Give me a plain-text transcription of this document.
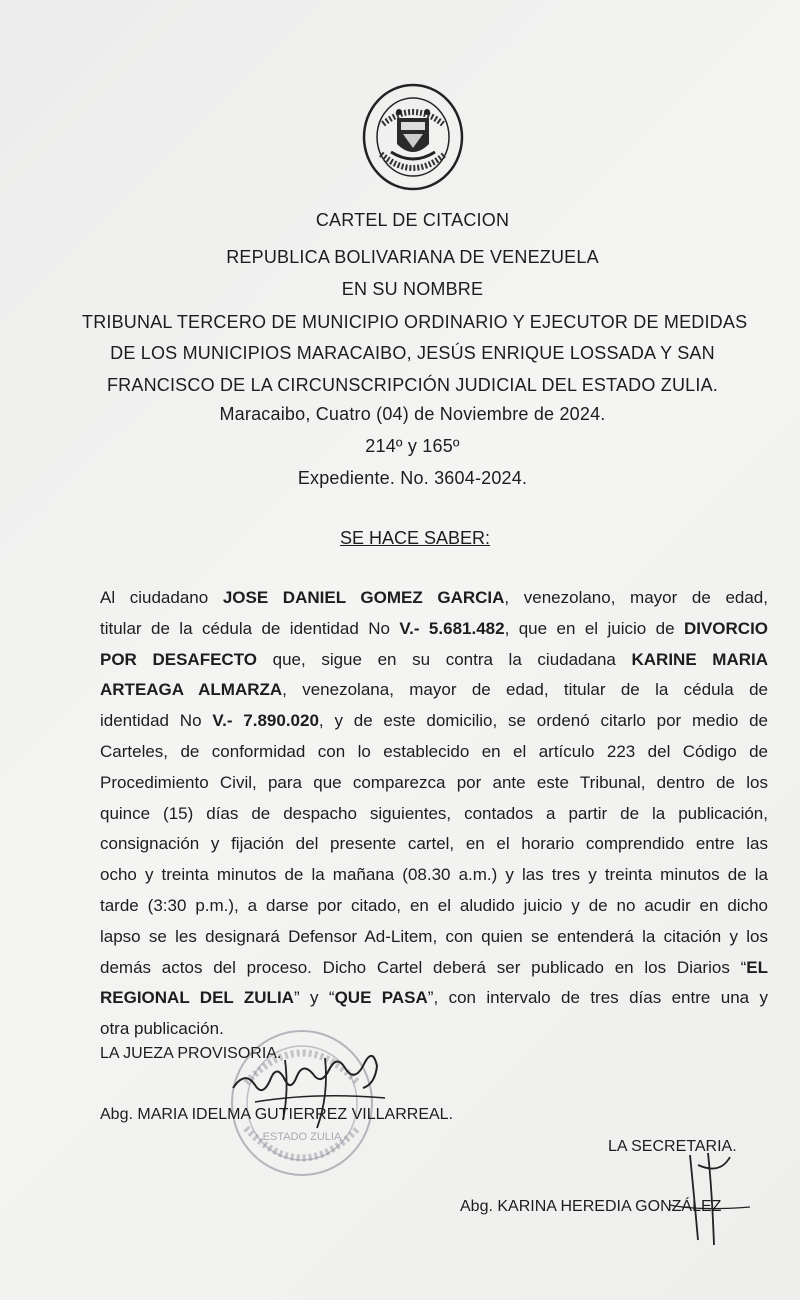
CARTEL DE CITACION
REPUBLICA BOLIVARIANA DE VENEZUELA
EN SU NOMBRE
TRIBUNAL TERCERO DE MUNICIPIO ORDINARIO Y EJECUTOR DE MEDIDAS
DE LOS MUNICIPIOS MARACAIBO, JESÚS ENRIQUE LOSSADA Y SAN
FRANCISCO DE LA CIRCUNSCRIPCIÓN JUDICIAL DEL ESTADO ZULIA.
Maracaibo, Cuatro (04) de Noviembre de 2024.
214º y 165º
Expediente. No. 3604-2024.
SE HACE SABER:
Al ciudadano JOSE DANIEL GOMEZ GARCIA, venezolano, mayor de edad,
titular de la cédula de identidad No V.- 5.681.482, que en el juicio de DIVORCIO
POR DESAFECTO que, sigue en su contra la ciudadana KARINE MARIA
ARTEAGA ALMARZA, venezolana, mayor de edad, titular de la cédula de
identidad No V.- 7.890.020, y de este domicilio, se ordenó citarlo por medio de
Carteles, de conformidad con lo establecido en el artículo 223 del Código de
Procedimiento Civil, para que comparezca por ante este Tribunal, dentro de los
quince (15) días de despacho siguientes, contados a partir de la publicación,
consignación y fijación del presente cartel, en el horario comprendido entre las
ocho y treinta minutos de la mañana (08.30 a.m.) y las tres y treinta minutos de la
tarde (3:30 p.m.), a darse por citado, en el aludido juicio y de no acudir en dicho
lapso se les designará Defensor Ad-Litem, con quien se entenderá la citación y los
demás actos del proceso. Dicho Cartel deberá ser publicado en los Diarios “EL
REGIONAL DEL ZULIA” y “QUE PASA”, con intervalo de tres días entre una y
otra publicación.
ESTADO ZULIA
LA JUEZA PROVISORIA.
Abg. MARIA IDELMA GUTIERREZ VILLARREAL.
LA SECRETARIA.
Abg. KARINA HEREDIA GONZÁLEZ
